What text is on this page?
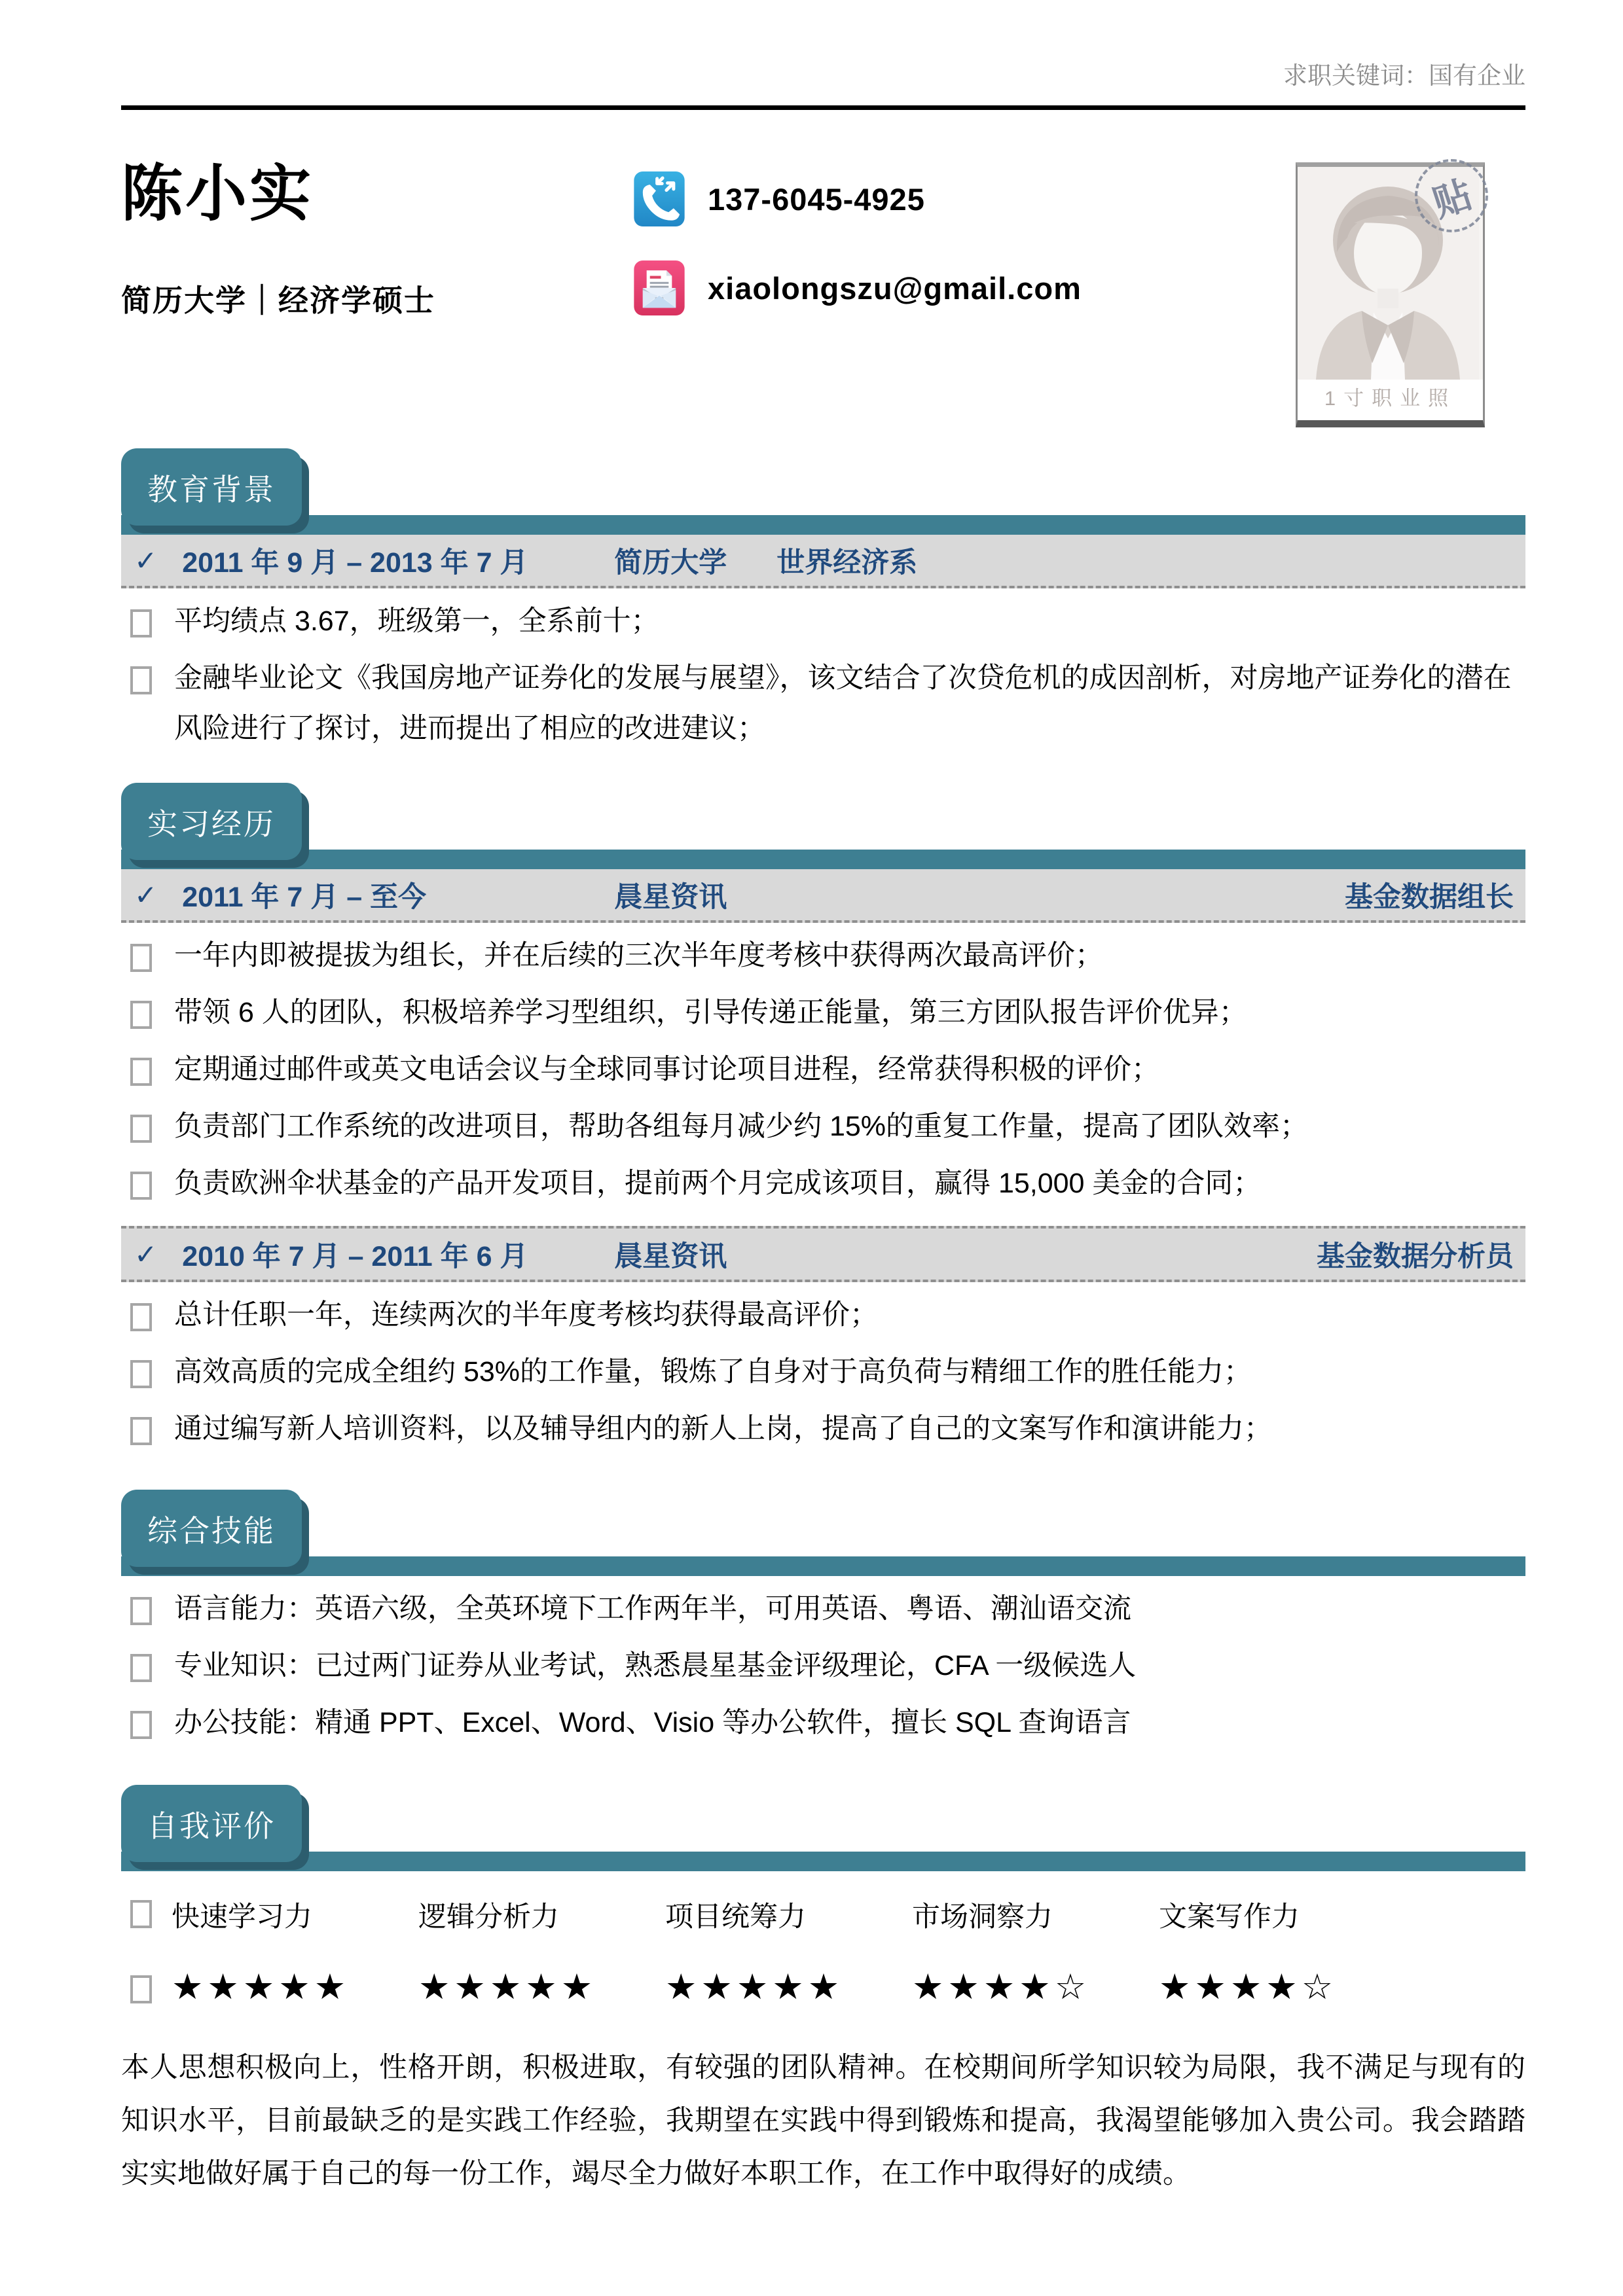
求职关键词：国有企业
陈小实
简历大学｜经济学硕士
137-6045-4925
xiaolongszu@gmail.com
贴
1寸职业照
教育背景
✓ 2011 年 9 月 – 2013 年 7 月	简历大学 世界经济系
平均绩点 3.67，班级第一，全系前十；
金融毕业论文《我国房地产证券化的发展与展望》，该文结合了次贷危机的成因剖析，对房地产证券化的潜在风险进行了探讨，进而提出了相应的改进建议；
实习经历
✓ 2011 年 7 月 – 至今	晨星资讯	基金数据组长
一年内即被提拔为组长，并在后续的三次半年度考核中获得两次最高评价；
带领 6 人的团队，积极培养学习型组织，引导传递正能量，第三方团队报告评价优异；
定期通过邮件或英文电话会议与全球同事讨论项目进程，经常获得积极的评价；
负责部门工作系统的改进项目，帮助各组每月减少约 15%的重复工作量，提高了团队效率；
负责欧洲伞状基金的产品开发项目，提前两个月完成该项目，赢得 15,000 美金的合同；
✓ 2010 年 7 月 – 2011 年 6 月	晨星资讯	基金数据分析员
总计任职一年，连续两次的半年度考核均获得最高评价；
高效高质的完成全组约 53%的工作量，锻炼了自身对于高负荷与精细工作的胜任能力；
通过编写新人培训资料，以及辅导组内的新人上岗，提高了自己的文案写作和演讲能力；
综合技能
语言能力：英语六级，全英环境下工作两年半，可用英语、粤语、潮汕语交流
专业知识：已过两门证券从业考试，熟悉晨星基金评级理论，CFA 一级候选人
办公技能：精通 PPT、Excel、Word、Visio 等办公软件，擅长 SQL 查询语言
自我评价
快速学习力	逻辑分析力	项目统筹力	市场洞察力	文案写作力
★★★★★	★★★★★	★★★★★	★★★★☆	★★★★☆

本人思想积极向上，性格开朗，积极进取，有较强的团队精神。在校期间所学知识较为局限，我不满足与现有的知识水平，目前最缺乏的是实践工作经验，我期望在实践中得到锻炼和提高，我渴望能够加入贵公司。我会踏踏实实地做好属于自己的每一份工作，竭尽全力做好本职工作，在工作中取得好的成绩。
